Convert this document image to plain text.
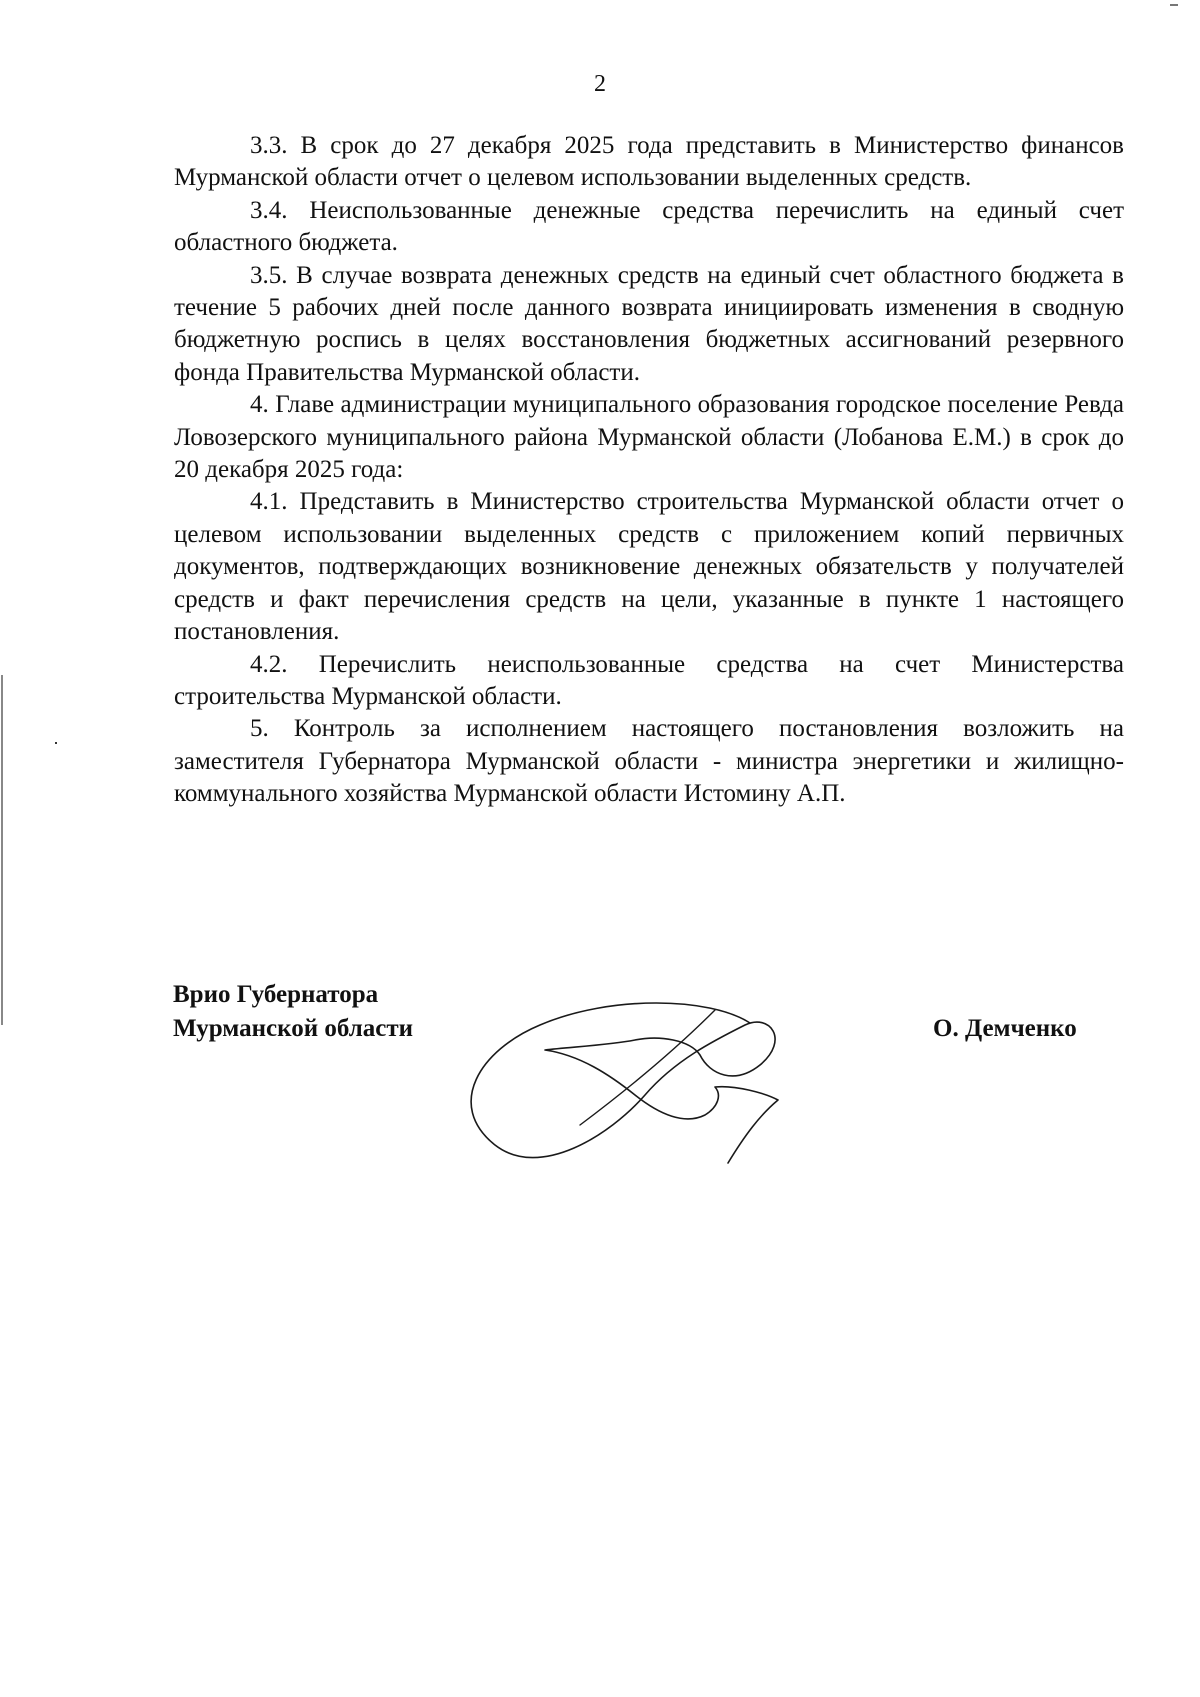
2

3.3. В срок до 27 декабря 2025 года представить в Министерство финансов Мурманской области отчет о целевом использовании выделенных средств.

3.4. Неиспользованные денежные средства перечислить на единый счет областного бюджета.

3.5. В случае возврата денежных средств на единый счет областного бюджета в течение 5 рабочих дней после данного возврата инициировать изменения в сводную бюджетную роспись в целях восстановления бюджетных ассигнований резервного фонда Правительства Мурманской области.

4. Главе администрации муниципального образования городское поселение Ревда Ловозерского муниципального района Мурманской области (Лобанова Е.М.) в срок до 20 декабря 2025 года:

4.1. Представить в Министерство строительства Мурманской области отчет о целевом использовании выделенных средств с приложением копий первичных документов, подтверждающих возникновение денежных обязательств у получателей средств и факт перечисления средств на цели, указанные в пункте 1 настоящего постановления.

4.2. Перечислить неиспользованные средства на счет Министерства строительства Мурманской области.

5. Контроль за исполнением настоящего постановления возложить на заместителя Губернатора Мурманской области - министра энергетики и жилищно-коммунального хозяйства Мурманской области Истомину А.П.

Врио Губернатора
Мурманской области	О. Демченко
